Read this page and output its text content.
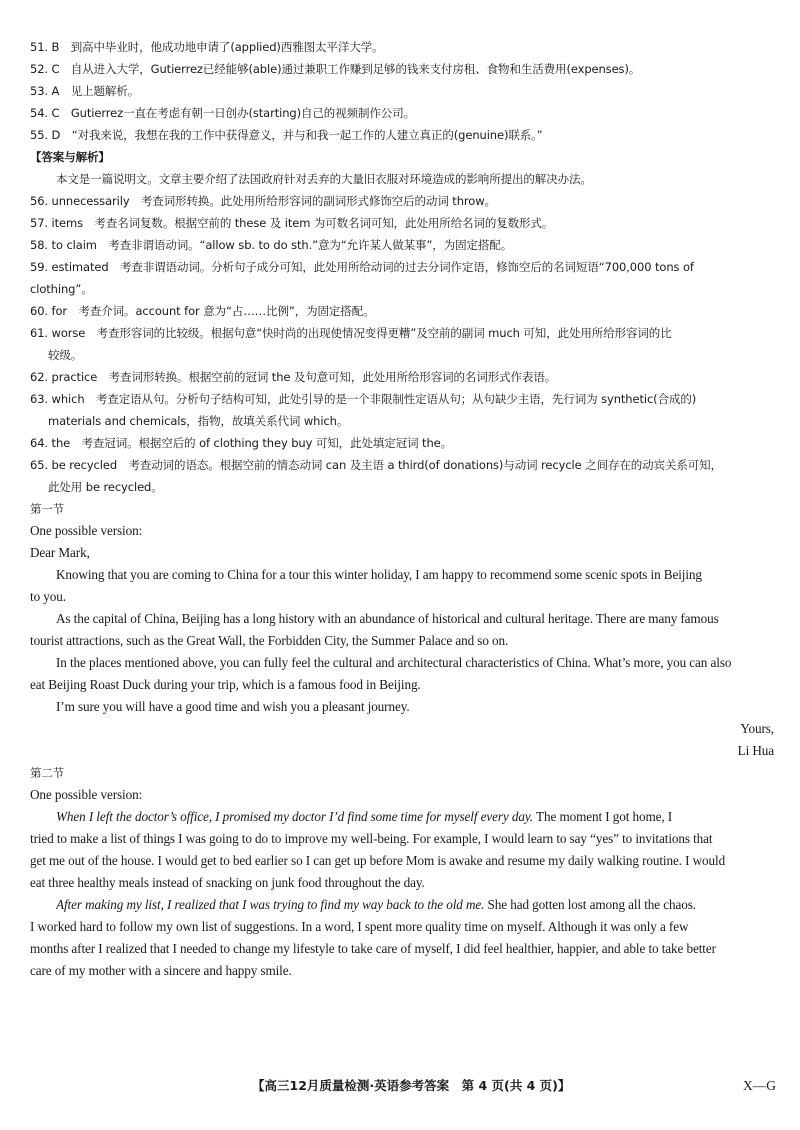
51. B　到高中毕业时，他成功地申请了(applied)西雅图太平洋大学。
52. C　自从进入大学，Gutierrez已经能够(able)通过兼职工作赚到足够的钱来支付房租、食物和生活费用(expenses)。
53. A　见上题解析。
54. C　Gutierrez一直在考虑有朝一日创办(starting)自己的视频制作公司。
55. D　“对我来说，我想在我的工作中获得意义，并与和我一起工作的人建立真正的(genuine)联系。”
【答案与解析】
本文是一篇说明文。文章主要介绍了法国政府针对丢弃的大量旧衣服对环境造成的影响所提出的解决办法。
56. unnecessarily　考查词形转换。此处用所给形容词的副词形式修饰空后的动词 throw。
57. items　考查名词复数。根据空前的 these 及 item 为可数名词可知，此处用所给名词的复数形式。
58. to claim　考查非谓语动词。“allow sb. to do sth.”意为“允许某人做某事”，为固定搭配。
59. estimated　考查非谓语动词。分析句子成分可知，此处用所给动词的过去分词作定语，修饰空后的名词短语“700,000 tons of
clothing”。
60. for　考查介词。account for 意为“占……比例”，为固定搭配。
61. worse　考查形容词的比较级。根据句意“快时尚的出现使情况变得更糟”及空前的副词 much 可知，此处用所给形容词的比
较级。
62. practice　考查词形转换。根据空前的冠词 the 及句意可知，此处用所给形容词的名词形式作表语。
63. which　考查定语从句。分析句子结构可知，此处引导的是一个非限制性定语从句；从句缺少主语，先行词为 synthetic(合成的)
materials and chemicals，指物，故填关系代词 which。
64. the　考查冠词。根据空后的 of clothing they buy 可知，此处填定冠词 the。
65. be recycled　考查动词的语态。根据空前的情态动词 can 及主语 a third(of donations)与动词 recycle 之间存在的动宾关系可知，
此处用 be recycled。
第一节
One possible version:
Dear Mark,
Knowing that you are coming to China for a tour this winter holiday, I am happy to recommend some scenic spots in Beijing
to you.
As the capital of China, Beijing has a long history with an abundance of historical and cultural heritage. There are many famous
tourist attractions, such as the Great Wall, the Forbidden City, the Summer Palace and so on.
In the places mentioned above, you can fully feel the cultural and architectural characteristics of China. What’s more, you can also
eat Beijing Roast Duck during your trip, which is a famous food in Beijing.
I’m sure you will have a good time and wish you a pleasant journey.
Yours,
Li Hua
第二节
One possible version:
When I left the doctor’s office, I promised my doctor I’d find some time for myself every day. The moment I got home, I
tried to make a list of things I was going to do to improve my well-being. For example, I would learn to say “yes” to invitations that
get me out of the house. I would get to bed earlier so I can get up before Mom is awake and resume my daily walking routine. I would
eat three healthy meals instead of snacking on junk food throughout the day.
After making my list, I realized that I was trying to find my way back to the old me. She had gotten lost among all the chaos.
I worked hard to follow my own list of suggestions. In a word, I spent more quality time on myself. Although it was only a few
months after I realized that I needed to change my lifestyle to take care of myself, I did feel healthier, happier, and able to take better
care of my mother with a sincere and happy smile.
【高三12月质量检测·英语参考答案　第 4 页(共 4 页)】	X—G
